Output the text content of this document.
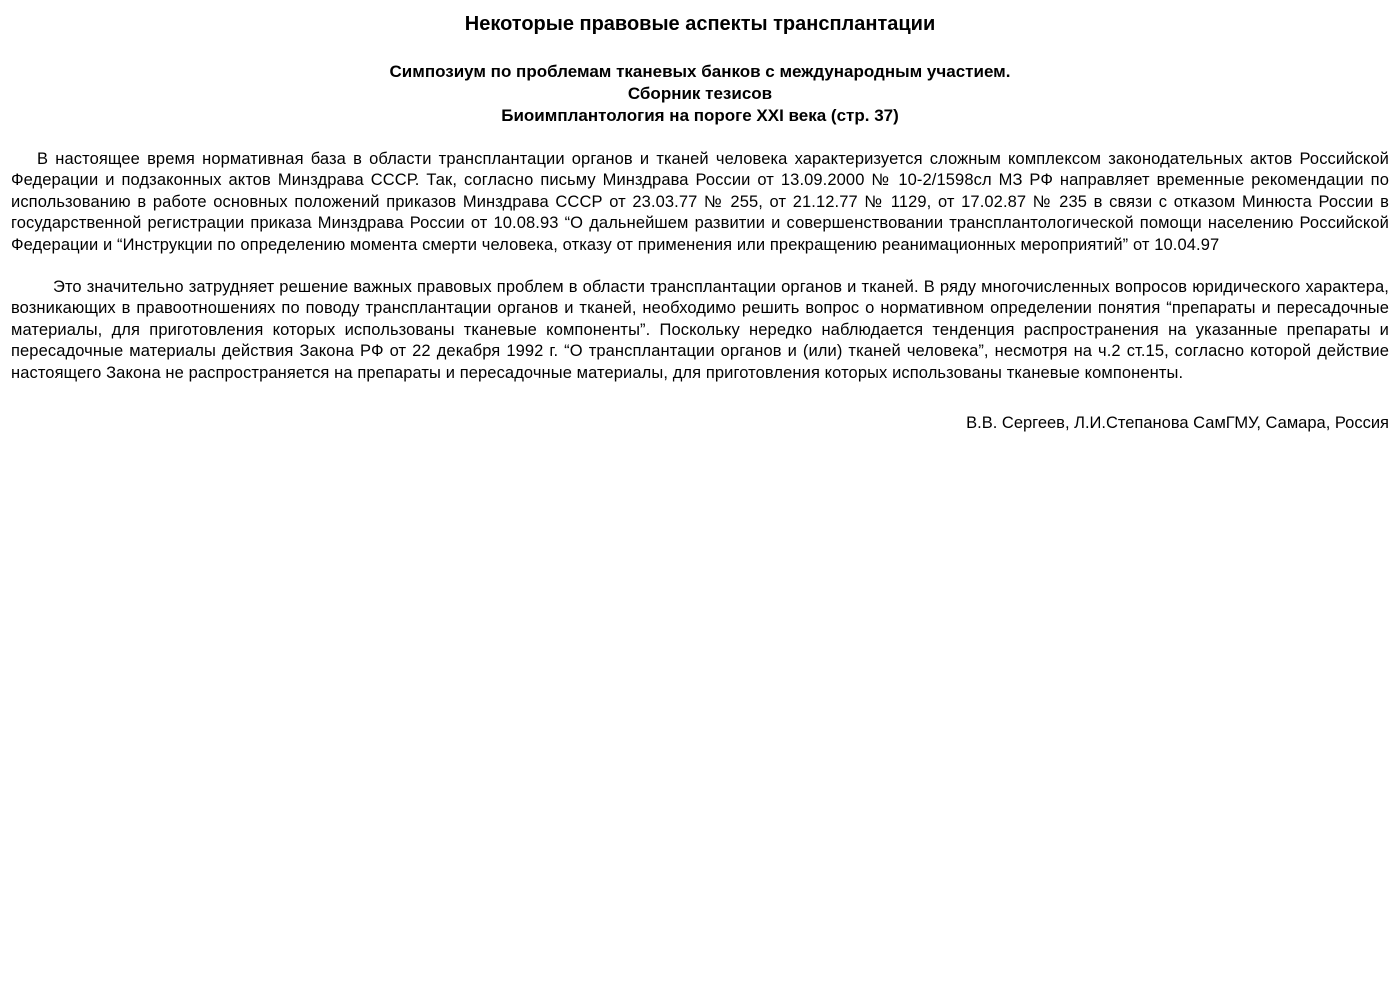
Некоторые правовые аспекты трансплантации
Симпозиум по проблемам тканевых банков с международным участием.
Сборник тезисов
Биоимплантология на пороге XXI века (стр. 37)

В настоящее время нормативная база в области трансплантации органов и тканей человека характеризуется сложным комплексом законодательных актов Российской Федерации и подзаконных актов Минздрава СССР. Так, согласно письму Минздрава России от 13.09.2000 № 10-2/1598сл МЗ РФ направляет временные рекомендации по использованию в работе основных положений приказов Минздрава СССР от 23.03.77 № 255, от 21.12.77 № 1129, от 17.02.87 № 235 в связи с отказом Минюста России в государственной регистрации приказа Минздрава России от 10.08.93 “О дальнейшем развитии и совершенствовании трансплантологической помощи населению Российской Федерации и “Инструкции по определению момента смерти человека, отказу от применения или прекращению реанимационных мероприятий” от 10.04.97

Это значительно затрудняет решение важных правовых проблем в области трансплантации органов и тканей. В ряду многочисленных вопросов юридического характера, возникающих в правоотношениях по поводу трансплантации органов и тканей, необходимо решить вопрос о нормативном определении понятия “препараты и пересадочные материалы, для приготовления которых использованы тканевые компоненты”. Поскольку нередко наблюдается тенденция распространения на указанные препараты и пересадочные материалы действия Закона РФ от 22 декабря 1992 г. “О трансплантации органов и (или) тканей человека”, несмотря на ч.2 ст.15, согласно которой действие настоящего Закона не распространяется на препараты и пересадочные материалы, для приготовления которых использованы тканевые компоненты.

В.В. Сергеев, Л.И.Степанова СамГМУ, Самара, Россия
